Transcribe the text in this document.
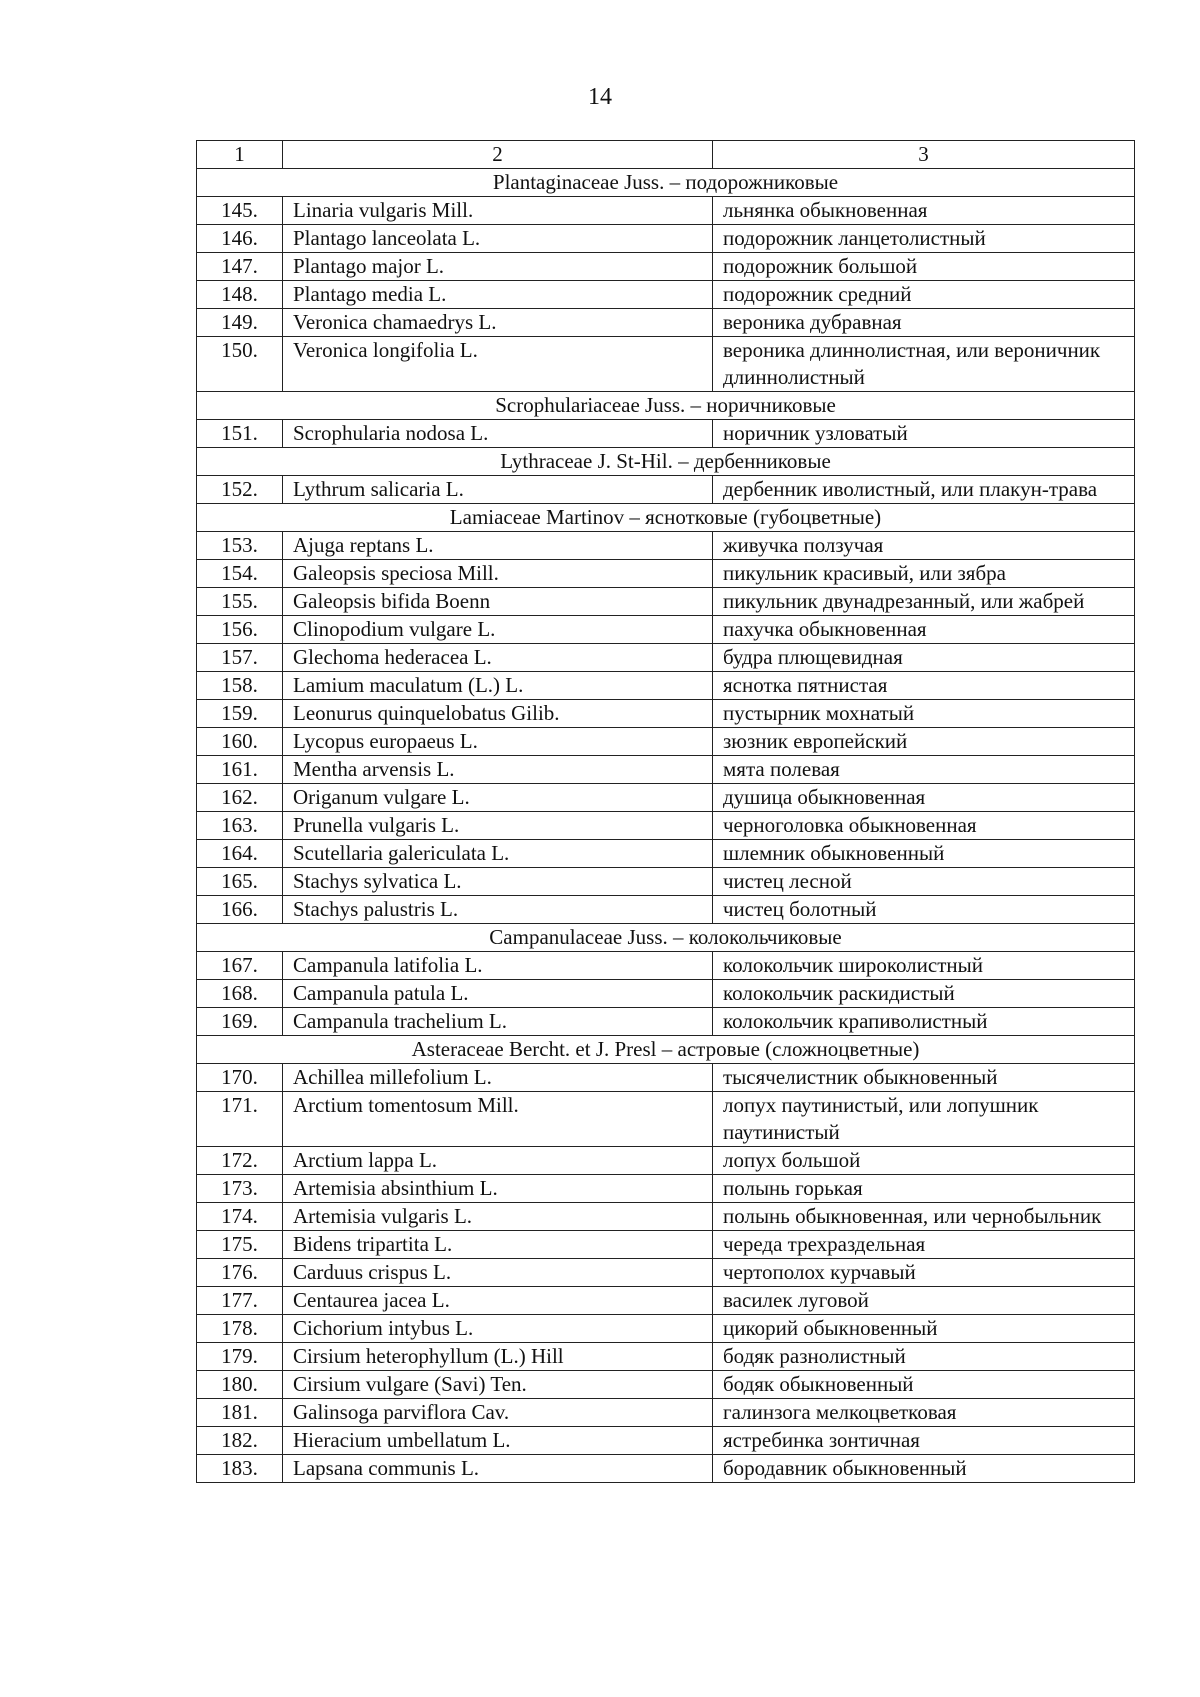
14
1	2	3
Plantaginaceae Juss. – подорожниковые		
145.	Linaria vulgaris Mill.	льнянка обыкновенная
146.	Plantago lanceolata L.	подорожник ланцетолистный
147.	Plantago major L.	подорожник большой
148.	Plantago media L.	подорожник средний
149.	Veronica chamaedrys L.	вероника дубравная
150.	Veronica longifolia L.	вероника длиннолистная, или вероничник длиннолистный
Scrophulariaceae Juss. – норичниковые		
151.	Scrophularia nodosa L.	норичник узловатый
Lythraceae J. St-Hil. – дербенниковые		
152.	Lythrum salicaria L.	дербенник иволистный, или плакун-трава
Lamiaceae Martinov – яснотковые (губоцветные)		
153.	Ajuga reptans L.	живучка ползучая
154.	Galeopsis speciosa Mill.	пикульник красивый, или зябра
155.	Galeopsis bifida Boenn	пикульник двунадрезанный, или жабрей
156.	Clinopodium vulgare L.	пахучка обыкновенная
157.	Glechoma hederacea L.	будра плющевидная
158.	Lamium maculatum (L.) L.	яснотка пятнистая
159.	Leonurus quinquelobatus Gilib.	пустырник мохнатый
160.	Lycopus europaeus L.	зюзник европейский
161.	Mentha arvensis L.	мята полевая
162.	Origanum vulgare L.	душица обыкновенная
163.	Prunella vulgaris L.	черноголовка обыкновенная
164.	Scutellaria galericulata L.	шлемник обыкновенный
165.	Stachys sylvatica L.	чистец лесной
166.	Stachys palustris L.	чистец болотный
Campanulaceae Juss. – колокольчиковые		
167.	Campanula latifolia L.	колокольчик широколистный
168.	Campanula patula L.	колокольчик раскидистый
169.	Campanula trachelium L.	колокольчик крапиволистный
Asteraceae Bercht. et J. Presl – астровые (сложноцветные)		
170.	Achillea millefolium L.	тысячелистник обыкновенный
171.	Arctium tomentosum Mill.	лопух паутинистый, или лопушник паутинистый
172.	Arctium lappa L.	лопух большой
173.	Artemisia absinthium L.	полынь горькая
174.	Artemisia vulgaris L.	полынь обыкновенная, или чернобыльник
175.	Bidens tripartita L.	череда трехраздельная
176.	Carduus crispus L.	чертополох курчавый
177.	Centaurea jacea L.	василек луговой
178.	Cichorium intybus L.	цикорий обыкновенный
179.	Cirsium heterophyllum (L.) Hill	бодяк разнолистный
180.	Cirsium vulgare (Savi) Ten.	бодяк обыкновенный
181.	Galinsoga parviflora Cav.	галинзога мелкоцветковая
182.	Hieracium umbellatum L.	ястребинка зонтичная
183.	Lapsana communis L.	бородавник обыкновенный
